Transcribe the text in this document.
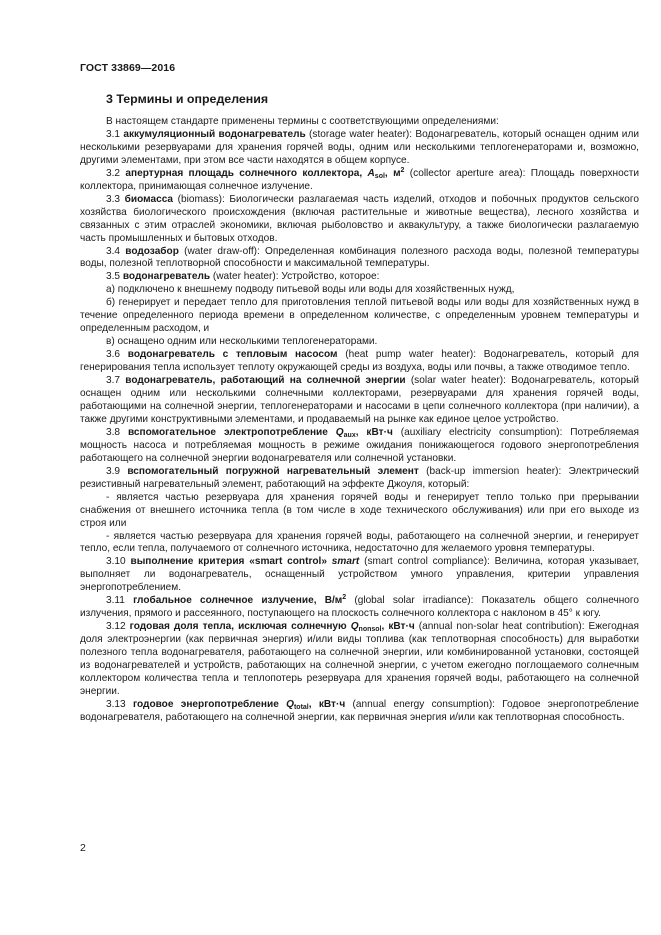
ГОСТ 33869—2016
3 Термины и определения

В настоящем стандарте применены термины с соответствующими определениями:

3.1 аккумуляционный водонагреватель (storage water heater): Водонагреватель, который оснащен одним или несколькими резервуарами для хранения горячей воды, одним или несколькими теплогенераторами и, возможно, другими элементами, при этом все части находятся в общем корпусе.

3.2 апертурная площадь солнечного коллектора, $A_{sol}$, $м^2$ (collector aperture area): Площадь поверхности коллектора, принимающая солнечное излучение.

3.3 биомасса (biomass): Биологически разлагаемая часть изделий, отходов и побочных продуктов сельского хозяйства биологического происхождения (включая растительные и животные вещества), лесного хозяйства и связанных с этим отраслей экономики, включая рыболовство и аквакультуру, а также биологически разлагаемую часть промышленных и бытовых отходов.

3.4 водозабор (water draw-off): Определенная комбинация полезного расхода воды, полезной температуры воды, полезной теплотворной способности и максимальной температуры.

3.5 водонагреватель (water heater): Устройство, которое:

а) подключено к внешнему подводу питьевой воды или воды для хозяйственных нужд,

б) генерирует и передает тепло для приготовления теплой питьевой воды или воды для хозяйственных нужд в течение определенного периода времени в определенном количестве, с определенным уровнем температуры и определенным расходом, и

в) оснащено одним или несколькими теплогенераторами.

3.6 водонагреватель с тепловым насосом (heat pump water heater): Водонагреватель, который для генерирования тепла использует теплоту окружающей среды из воздуха, воды или почвы, а также отводимое тепло.

3.7 водонагреватель, работающий на солнечной энергии (solar water heater): Водонагреватель, который оснащен одним или несколькими солнечными коллекторами, резервуарами для хранения горячей воды, работающими на солнечной энергии, теплогенераторами и насосами в цепи солнечного коллектора (при наличии), а также другими конструктивными элементами, и продаваемый на рынке как единое целое устройство.

3.8 вспомогательное электропотребление $Q_{aux}$, кВт·ч (auxiliary electricity consumption): Потребляемая мощность насоса и потребляемая мощность в режиме ожидания понижающегося годового энергопотребления работающего на солнечной энергии водонагревателя или солнечной установки.

3.9 вспомогательный погружной нагревательный элемент (back-up immersion heater): Электрический резистивный нагревательный элемент, работающий на эффекте Джоуля, который:

- является частью резервуара для хранения горячей воды и генерирует тепло только при прерывании снабжения от внешнего источника тепла (в том числе в ходе технического обслуживания) или при его выходе из строя или

- является частью резервуара для хранения горячей воды, работающего на солнечной энергии, и генерирует тепло, если тепла, получаемого от солнечного источника, недостаточно для желаемого уровня температуры.

3.10 выполнение критерия «smart control» smart (smart control compliance): Величина, которая указывает, выполняет ли водонагреватель, оснащенный устройством умного управления, критерии управления энергопотреблением.

3.11 глобальное солнечное излучение, $В/м^2$ (global solar irradiance): Показатель общего солнечного излучения, прямого и рассеянного, поступающего на плоскость солнечного коллектора с наклоном в 45° к югу.

3.12 годовая доля тепла, исключая солнечную $Q_{nonsol}$, кВт·ч (annual non-solar heat contribution): Ежегодная доля электроэнергии (как первичная энергия) и/или виды топлива (как теплотворная способность) для выработки полезного тепла водонагревателя, работающего на солнечной энергии, или комбинированной установки, состоящей из водонагревателей и устройств, работающих на солнечной энергии, с учетом ежегодно поглощаемого солнечным коллектором количества тепла и теплопотерь резервуара для хранения горячей воды, работающего на солнечной энергии.

3.13 годовое энергопотребление $Q_{total}$, кВт·ч (annual energy consumption): Годовое энергопотребление водонагревателя, работающего на солнечной энергии, как первичная энергия и/или как теплотворная способность.

2
